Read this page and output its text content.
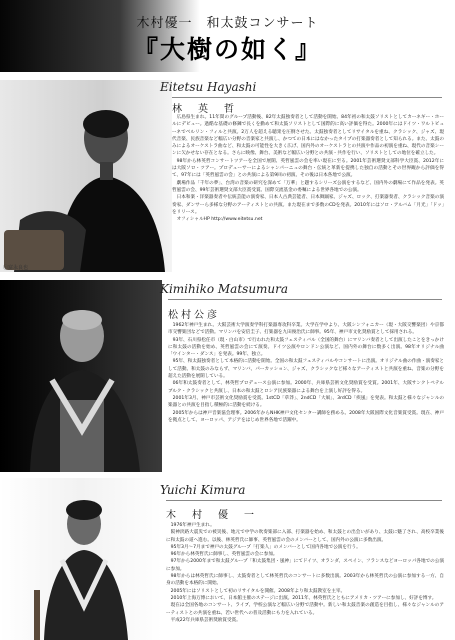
木村優一　和太鼓コンサート
『大樹の如く』
ⓒ富永良也
Eitetsu Hayashi
林　英　哲

広島県生まれ。11年間のグループ活動後、82年太鼓独奏者として活動を開始。84年初の和太鼓ソリストとしてカーネギー・ホールにデビュー。過酷な基礎の修錬で長くを勤めて和太鼓ソリストとして国際的に高い評価を得た。2000年にはドイツ・ワルトビューネでベルリン・フィルと共演。2万人を超える聴衆を圧倒させた。太鼓独奏者としてリサイタルを重ね、クラシック、ジャズ、現代音楽、民族音楽など幅広い分野の音楽家と共演し、かつての日本にはなかったタイプの打楽器奏者として知られる。また、太鼓のみによるオーケストラ曲など、和太鼓の可能性を大きく広げ、国内外のオーケストラとの共演や作品の初演を重ね、現代の音楽シーンに欠かせない存在となる。さらに映像、舞台、美術など幅広い分野との共演・共作を行い、ソリストとしての地位を確立した。

98年から林英哲コンサートツアーを全国で展開、英哲風雲の会を率い現在に至る。2001年芸術選奨文部科学大臣賞、2012年には大阪ソロ・ツアー。プロデューサーによるシャンパーニュの舞台・伝統と革新を提携した独自の活動とその世界観から評価を得て、97年には「英哲風雲の会」との共演による第9回の初演、その後は日本各地で公演。

劇場作品「千年の夢」、台湾の音楽の研究を深めて「万華」と題するシリーズ公演をするなど、国内外の劇場にて作品を発表。英哲風雲の会、99年芸術選奨文部大臣賞受賞。国際交流基金の委嘱による世界各地での公演。

日本和楽・洋楽器奏者や伝統芸能の演奏家、日本人古典芸能者、日本舞踊家、ジャズ、ロック、打楽器奏者、クラシック音楽の演奏家、ダンサーら多様な分野のアーティストとの共演。また現在まで多数のCDを発表。2010年にはソロ・アルバム「月光」「ドッ」をリリース。

オフィシャルHP http://www.eitetsu.net

Kimihiko Matsumura
松村公彦

1962年神戸生まれ。大阪芸術大学演奏学科打楽器専攻科卒業。大学在学中より、大阪シンフォニカー（現・大阪交響楽団）や京都市交響楽団などで活動。マリンバを安倍圭子、打楽器を九田俊治氏に師事。95年、神戸市文化奨励賞として採用される。

93年、石川県松任市（現・白山市）で行われた和太鼓フェスティバル（全国的舞台）にマリンバ奏者として出演したことをきっかけに和太鼓の活動を始め、英哲風雲の会にて演奏。ドイツ公演やロンドン公演など、国内外の舞台に数多く出演。98年オリジナル曲「ウインター・ダンス」を発表。99年、独立。

95年、和太鼓独奏者として本格的に活動を開始。全国の和太鼓フェスティバルやコンサートに出演。オリジナル曲の作曲・演奏家として活動。和太鼓のみならず、マリンバ、パーカッション、ジャズ、クラシックなど様々なアーティストと共演を重ね、音楽の分野を超えた活動を展開している。

06年和太鼓奏者として、林英哲プロデュース公演に参加。2000年、兵庫県芸術文化奨励賞を受賞。2001年、大阪サンクトペテルブルク・クラシックと共演し、日本の和太鼓とロシア民族楽器による舞台を上演し好評を得る。

2001年3月、神戸市芸術文化奨励賞を受賞。1stCD「草莽」、2ndCD「大凧」、3rdCD「疾風」を発表。和太鼓と様々なジャンルの楽器との共演を目指し積極的に活動を続ける。

2005年からは神戸音楽協会理事。2006年からNHK神戸文化センター講師を務める。2008年大阪国際文化音楽賞受賞。現在、神戸を拠点として、ヨーロッパ、アジアをはじめ世界各地で活躍中。

Yuichi Kimura
木　村　優　一

1976年神戸生まれ。

阪神淡路大震災での被災後、地元で中学の吹奏楽部に入部、打楽器を始め、和太鼓との出会いがあり、太鼓に魅了され、高校卒業後に和太鼓の道へ進む。以後、林英哲氏に師事、英哲風雲の会のメンバーとして、国内外の公演に多数出演。

95年3月〜7月まで神戸の太鼓グループ「打楽人」のメンバーとして国内各地で公演を行う。

96年から林英哲氏に師事し、英哲風雲の会に参加。

97年から2000年まで和太鼓グループ「和太鼓集団・風神」にてドイツ、オランダ、スペイン、フランスなどヨーロッパ各地での公演に参加。

98年からは林英哲氏に師事し、太鼓奏者として林英哲氏のコンサートに多数出演。2003年から林英哲氏の公演に参加する一方、自身の活動を本格的に開始。

2005年にはソリストとして初のリサイタルを開催。2008年より和太鼓教室を主宰。

2010年上海万博において、日本館主催のステージに出演。2011年、林英哲氏とともにアメリカ・ツアーに参加し、好評を博す。

現在は全国各地のコンサート、ライブ、学校公演など幅広い分野で活動中。新しい和太鼓音楽の創造を目指し、様々なジャンルのアーティストとの共演を重ね、若い世代への普及活動にも力を入れている。

平成22年兵庫県芸術奨励賞受賞。
